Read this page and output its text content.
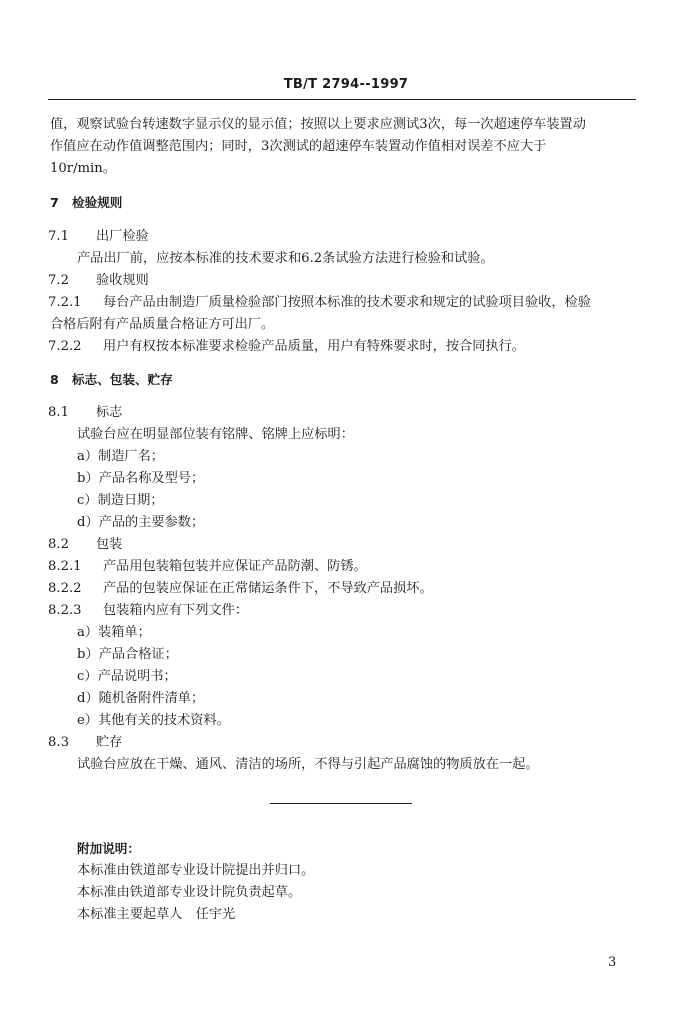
TB/T 2794--1997
值，观察试验台转速数字显示仪的显示值；按照以上要求应测试3次，每一次超速停车装置动
作值应在动作值调整范围内；同时，3次测试的超速停车装置动作值相对误差不应大于
10r/min。
7 检验规则
7.1 出厂检验
产品出厂前，应按本标准的技术要求和6.2条试验方法进行检验和试验。
7.2 验收规则
7.2.1 每台产品由制造厂质量检验部门按照本标准的技术要求和规定的试验项目验收，检验
合格后附有产品质量合格证方可出厂。
7.2.2 用户有权按本标准要求检验产品质量，用户有特殊要求时，按合同执行。
8 标志、包装、贮存
8.1 标志
试验台应在明显部位装有铭牌、铭牌上应标明：
a）制造厂名；
b）产品名称及型号；
c）制造日期；
d）产品的主要参数；
8.2 包装
8.2.1 产品用包装箱包装并应保证产品防潮、防锈。
8.2.2 产品的包装应保证在正常储运条件下，不导致产品损坏。
8.2.3 包装箱内应有下列文件：
a）装箱单；
b）产品合格证；
c）产品说明书；
d）随机备附件清单；
e）其他有关的技术资料。
8.3 贮存
试验台应放在干燥、通风、清洁的场所，不得与引起产品腐蚀的物质放在一起。
附加说明：
本标准由铁道部专业设计院提出并归口。
本标准由铁道部专业设计院负责起草。
本标准主要起草人　任宇光
3
